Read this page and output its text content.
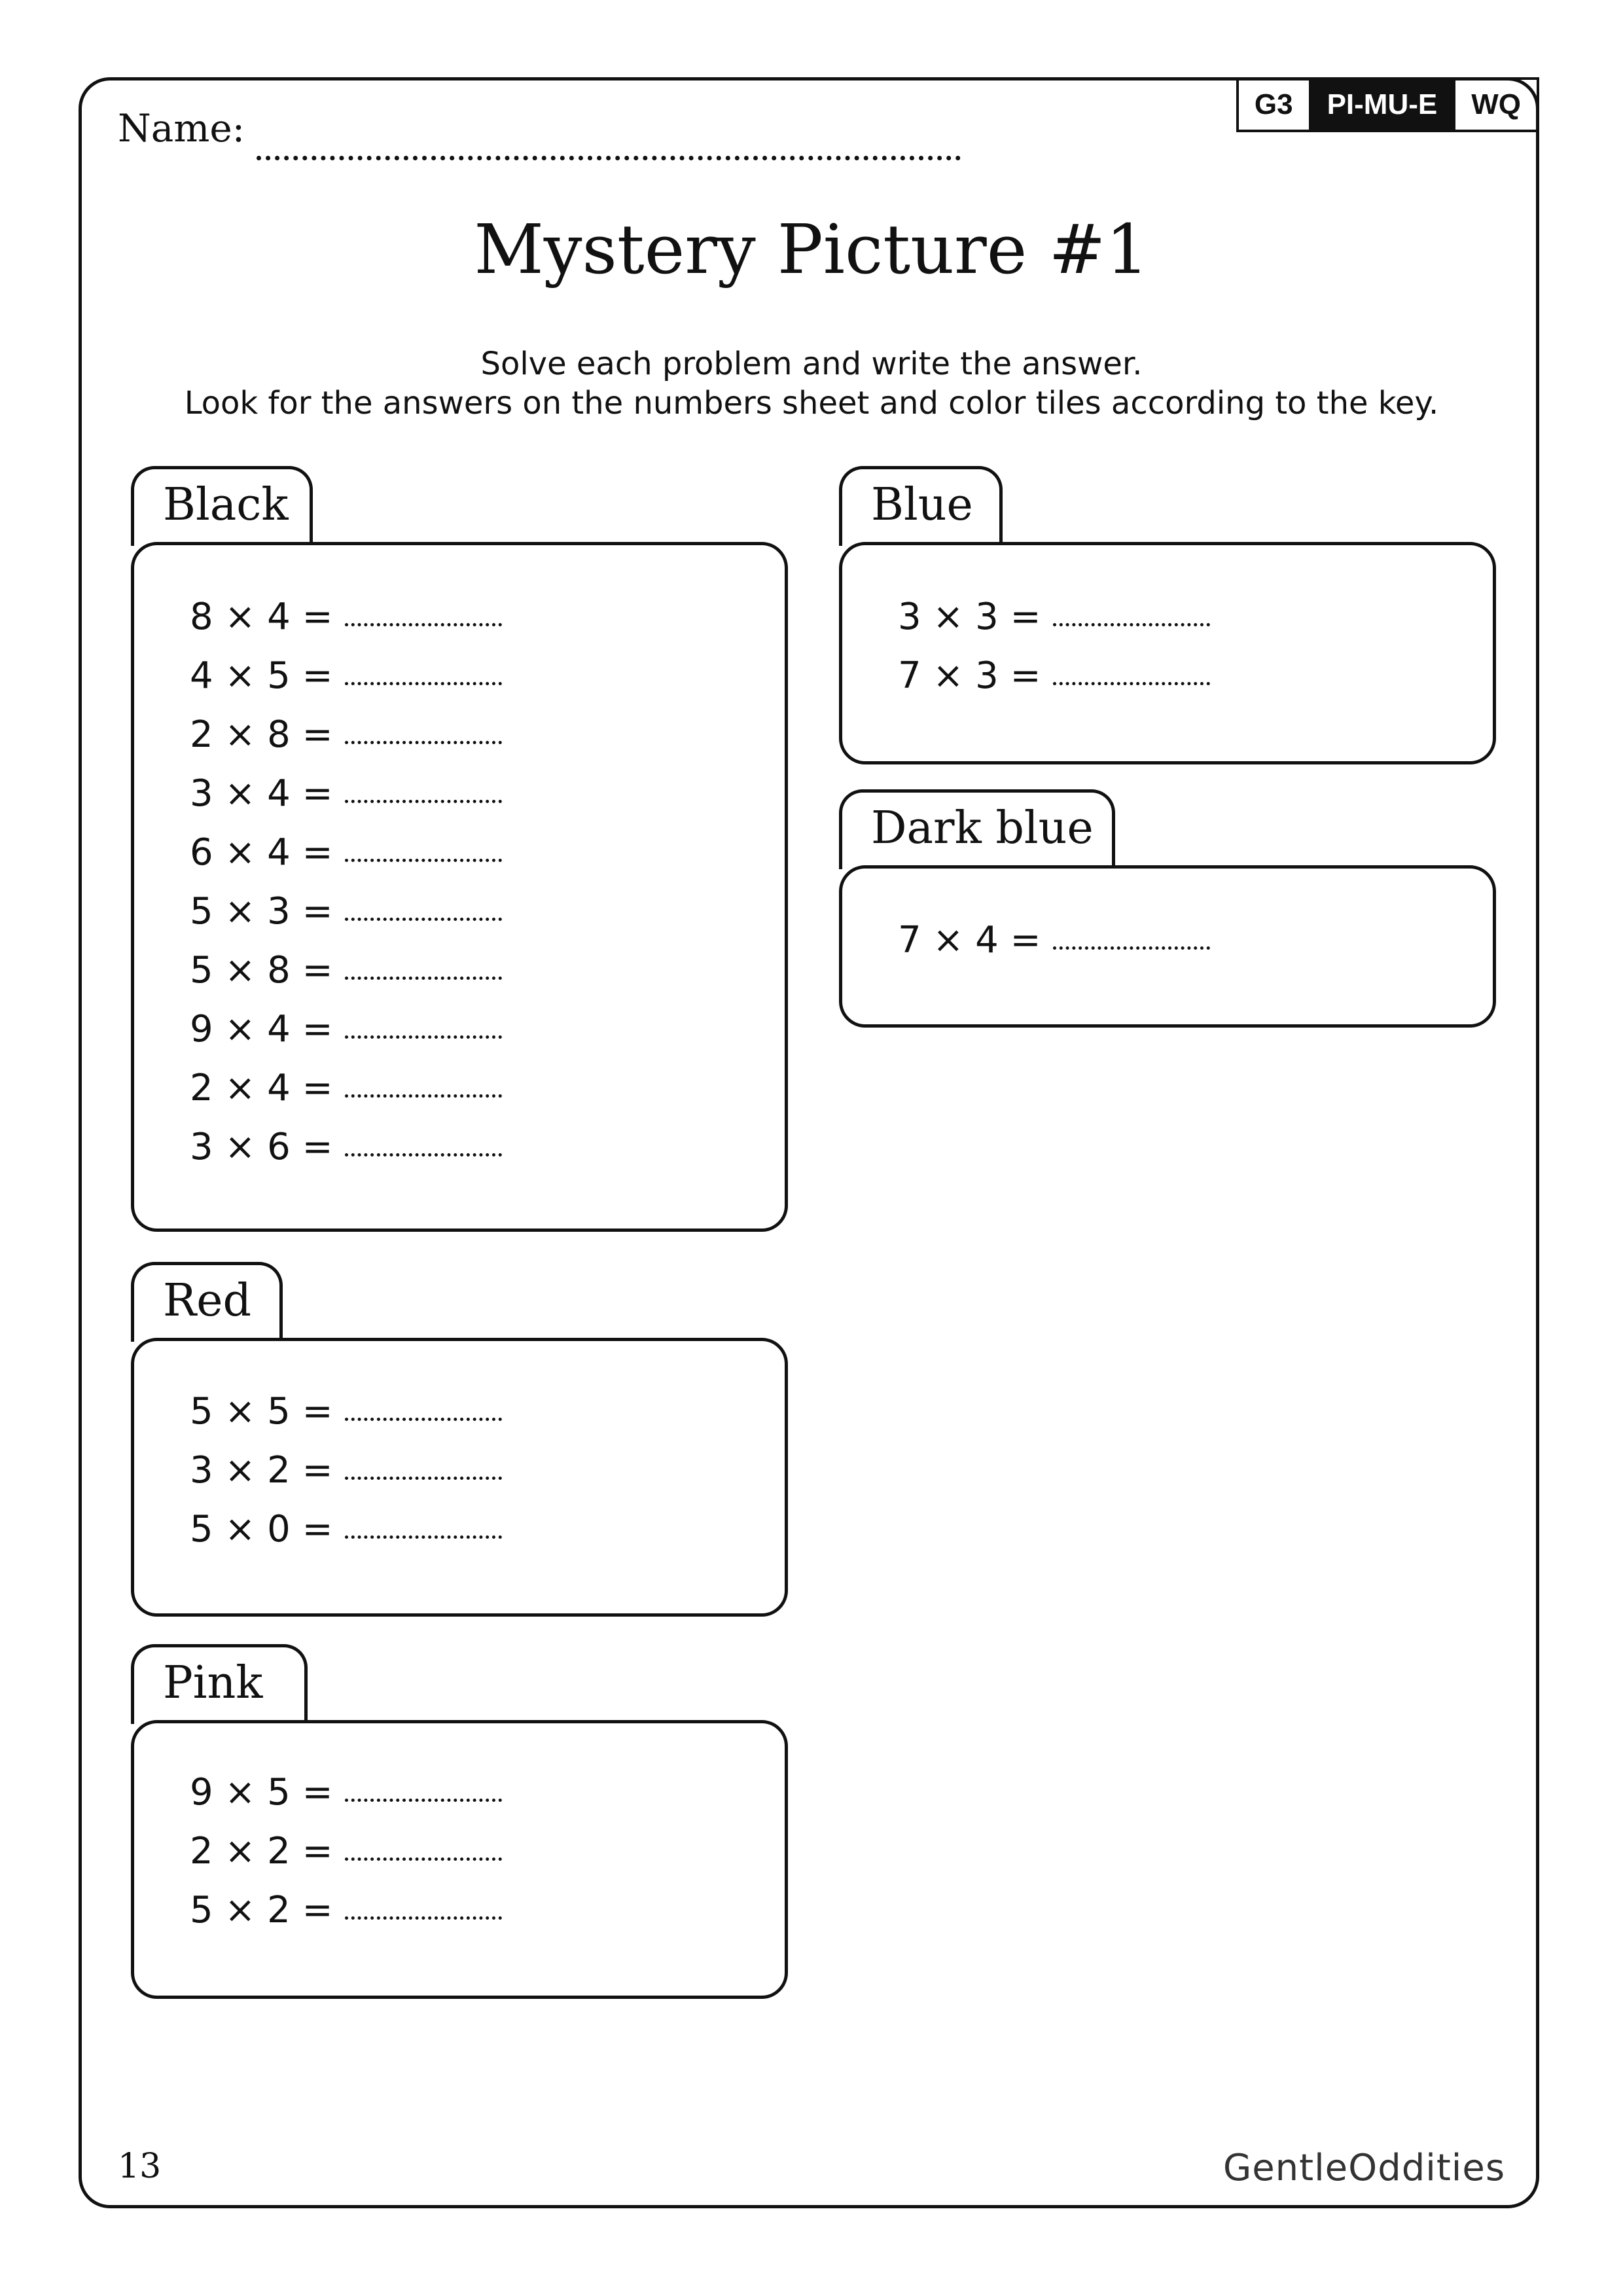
G3	PI-MU-E	WQ
Name:
Mystery Picture #1
Solve each problem and write the answer.
Look for the answers on the numbers sheet and color tiles according to the key.
Black
8 × 4 =
4 × 5 =
2 × 8 =
3 × 4 =
6 × 4 =
5 × 3 =
5 × 8 =
9 × 4 =
2 × 4 =
3 × 6 =
Red
5 × 5 =
3 × 2 =
5 × 0 =
Pink
9 × 5 =
2 × 2 =
5 × 2 =
Blue
3 × 3 =
7 × 3 =
Dark blue
7 × 4 =
13	GentleOddities
